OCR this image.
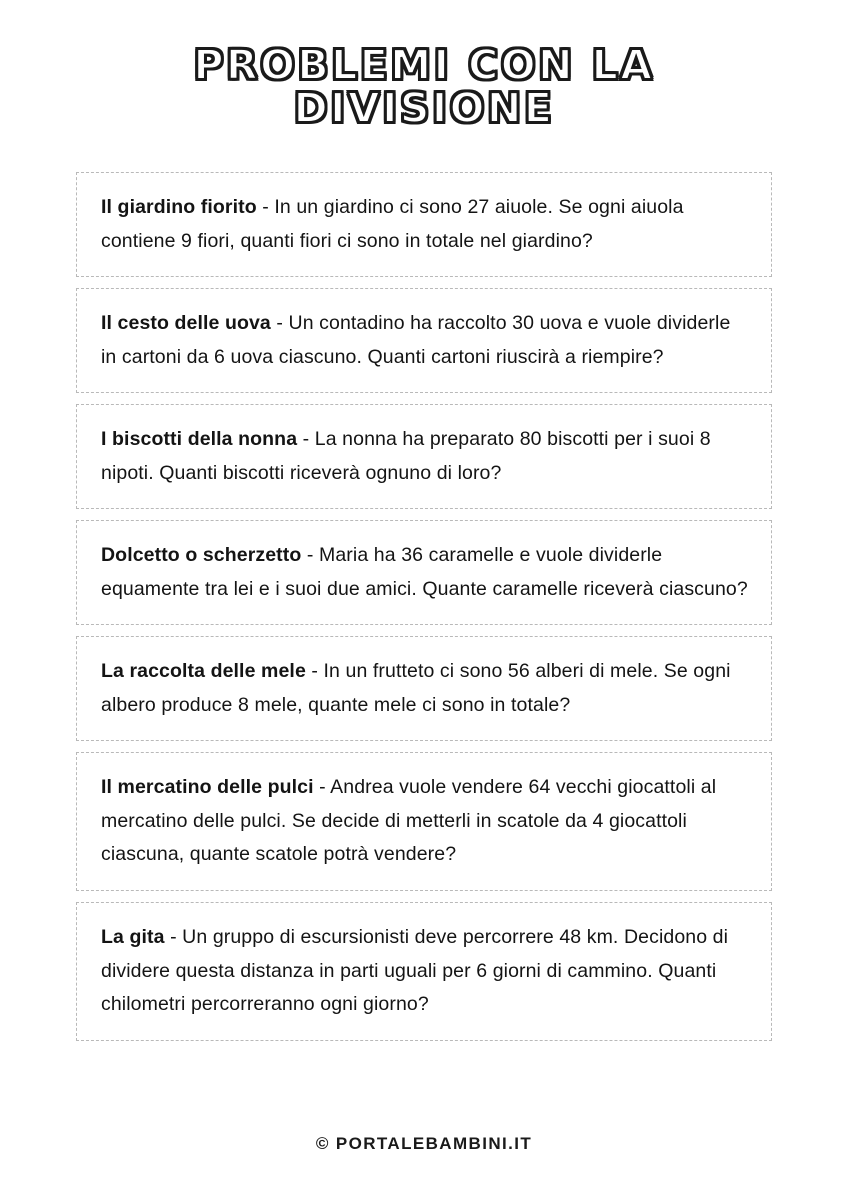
PROBLEMI CON LA DIVISIONE

Il giardino fiorito - In un giardino ci sono 27 aiuole. Se ogni aiuola contiene 9 fiori, quanti fiori ci sono in totale nel giardino?

Il cesto delle uova - Un contadino ha raccolto 30 uova e vuole dividerle in cartoni da 6 uova ciascuno. Quanti cartoni riuscirà a riempire?

I biscotti della nonna - La nonna ha preparato 80 biscotti per i suoi 8 nipoti. Quanti biscotti riceverà ognuno di loro?

Dolcetto o scherzetto - Maria ha 36 caramelle e vuole dividerle equamente tra lei e i suoi due amici. Quante caramelle riceverà ciascuno?

La raccolta delle mele - In un frutteto ci sono 56 alberi di mele. Se ogni albero produce 8 mele, quante mele ci sono in totale?

Il mercatino delle pulci - Andrea vuole vendere 64 vecchi giocattoli al mercatino delle pulci. Se decide di metterli in scatole da 4 giocattoli ciascuna, quante scatole potrà vendere?

La gita - Un gruppo di escursionisti deve percorrere 48 km. Decidono di dividere questa distanza in parti uguali per 6 giorni di cammino. Quanti chilometri percorreranno ogni giorno?

© PORTALEBAMBINI.IT
